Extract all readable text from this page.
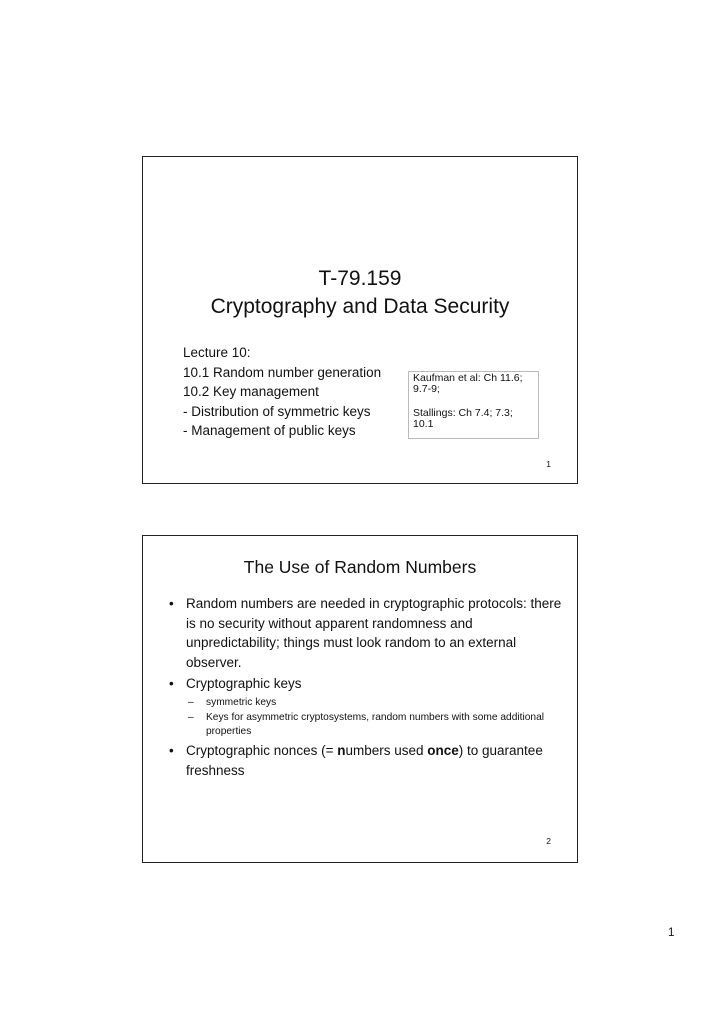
T-79.159
Cryptography and Data Security
Lecture 10:
10.1 Random number generation
10.2 Key management
- Distribution of symmetric keys
- Management of public keys
Kaufman et al: Ch 11.6; 9.7-9;
Stallings: Ch 7.4; 7.3; 10.1
1
The Use of Random Numbers
• Random numbers are needed in cryptographic protocols: there is no security without apparent randomness and unpredictability; things must look random to an external observer.
• Cryptographic keys
– symmetric keys
– Keys for asymmetric cryptosystems, random numbers with some additional properties
• Cryptographic nonces (= numbers used once) to guarantee freshness
2
1
